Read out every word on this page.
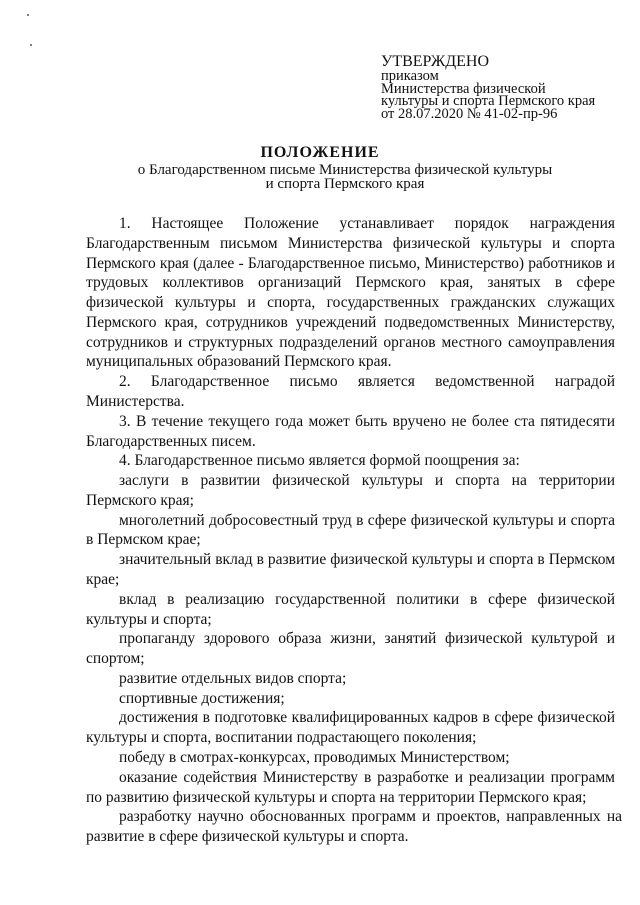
УТВЕРЖДЕНО
приказом
Министерства физической
культуры и спорта Пермского края
от 28.07.2020 № 41-02-пр-96
ПОЛОЖЕНИЕ
о Благодарственном письме Министерства физической культуры
и спорта Пермского края
1. Настоящее Положение устанавливает порядок награждения
Благодарственным письмом Министерства физической культуры и спорта
Пермского края (далее - Благодарственное письмо, Министерство) работников и
трудовых коллективов организаций Пермского края, занятых в сфере
физической культуры и спорта, государственных гражданских служащих
Пермского края, сотрудников учреждений подведомственных Министерству,
сотрудников и структурных подразделений органов местного самоуправления
муниципальных образований Пермского края.
2. Благодарственное письмо является ведомственной наградой
Министерства.
3. В течение текущего года может быть вручено не более ста пятидесяти
Благодарственных писем.
4. Благодарственное письмо является формой поощрения за:
заслуги в развитии физической культуры и спорта на территории
Пермского края;
многолетний добросовестный труд в сфере физической культуры и спорта
в Пермском крае;
значительный вклад в развитие физической культуры и спорта в Пермском
крае;
вклад в реализацию государственной политики в сфере физической
культуры и спорта;
пропаганду здорового образа жизни, занятий физической культурой и
спортом;
развитие отдельных видов спорта;
спортивные достижения;
достижения в подготовке квалифицированных кадров в сфере физической
культуры и спорта, воспитании подрастающего поколения;
победу в смотрах-конкурсах, проводимых Министерством;
оказание содействия Министерству в разработке и реализации программ
по развитию физической культуры и спорта на территории Пермского края;
разработку научно обоснованных программ и проектов, направленных на
развитие в сфере физической культуры и спорта.
